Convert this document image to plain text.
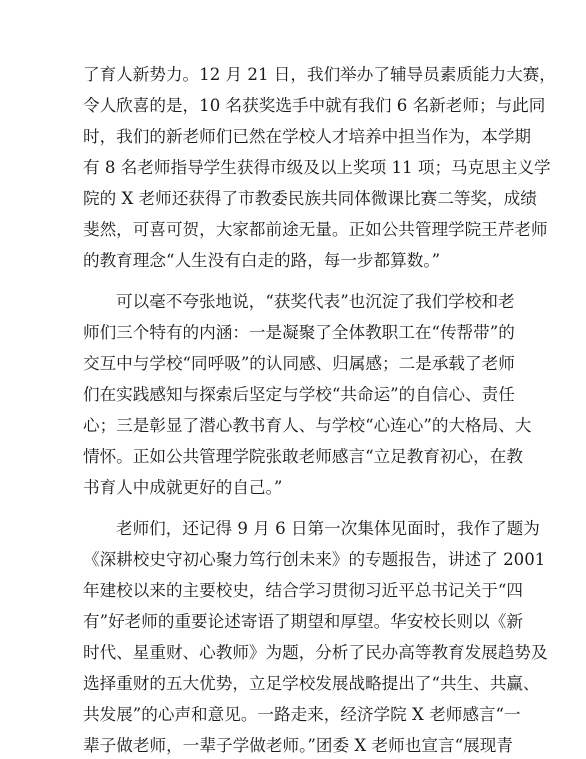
了育人新势力。12 月 21 日，我们举办了辅导员素质能力大赛，
令人欣喜的是，10 名获奖选手中就有我们 6 名新老师；与此同
时，我们的新老师们已然在学校人才培养中担当作为，本学期
有 8 名老师指导学生获得市级及以上奖项 11 项；马克思主义学
院的 X 老师还获得了市教委民族共同体微课比赛二等奖，成绩
斐然，可喜可贺，大家都前途无量。正如公共管理学院王芹老师
的教育理念“人生没有白走的路，每一步都算数。”
可以毫不夸张地说，“获奖代表”也沉淀了我们学校和老
师们三个特有的内涵：一是凝聚了全体教职工在“传帮带”的
交互中与学校“同呼吸”的认同感、归属感；二是承载了老师
们在实践感知与探索后坚定与学校“共命运”的自信心、责任
心；三是彰显了潜心教书育人、与学校“心连心”的大格局、大
情怀。正如公共管理学院张敢老师感言“立足教育初心，在教
书育人中成就更好的自己。”
老师们，还记得 9 月 6 日第一次集体见面时，我作了题为
《深耕校史守初心聚力笃行创未来》的专题报告，讲述了 2001
年建校以来的主要校史，结合学习贯彻习近平总书记关于“四
有”好老师的重要论述寄语了期望和厚望。华安校长则以《新
时代、星重财、心教师》为题，分析了民办高等教育发展趋势及
选择重财的五大优势，立足学校发展战略提出了“共生、共赢、
共发展”的心声和意见。一路走来，经济学院 X 老师感言“一
辈子做老师，一辈子学做老师。”团委 X 老师也宣言“展现青
